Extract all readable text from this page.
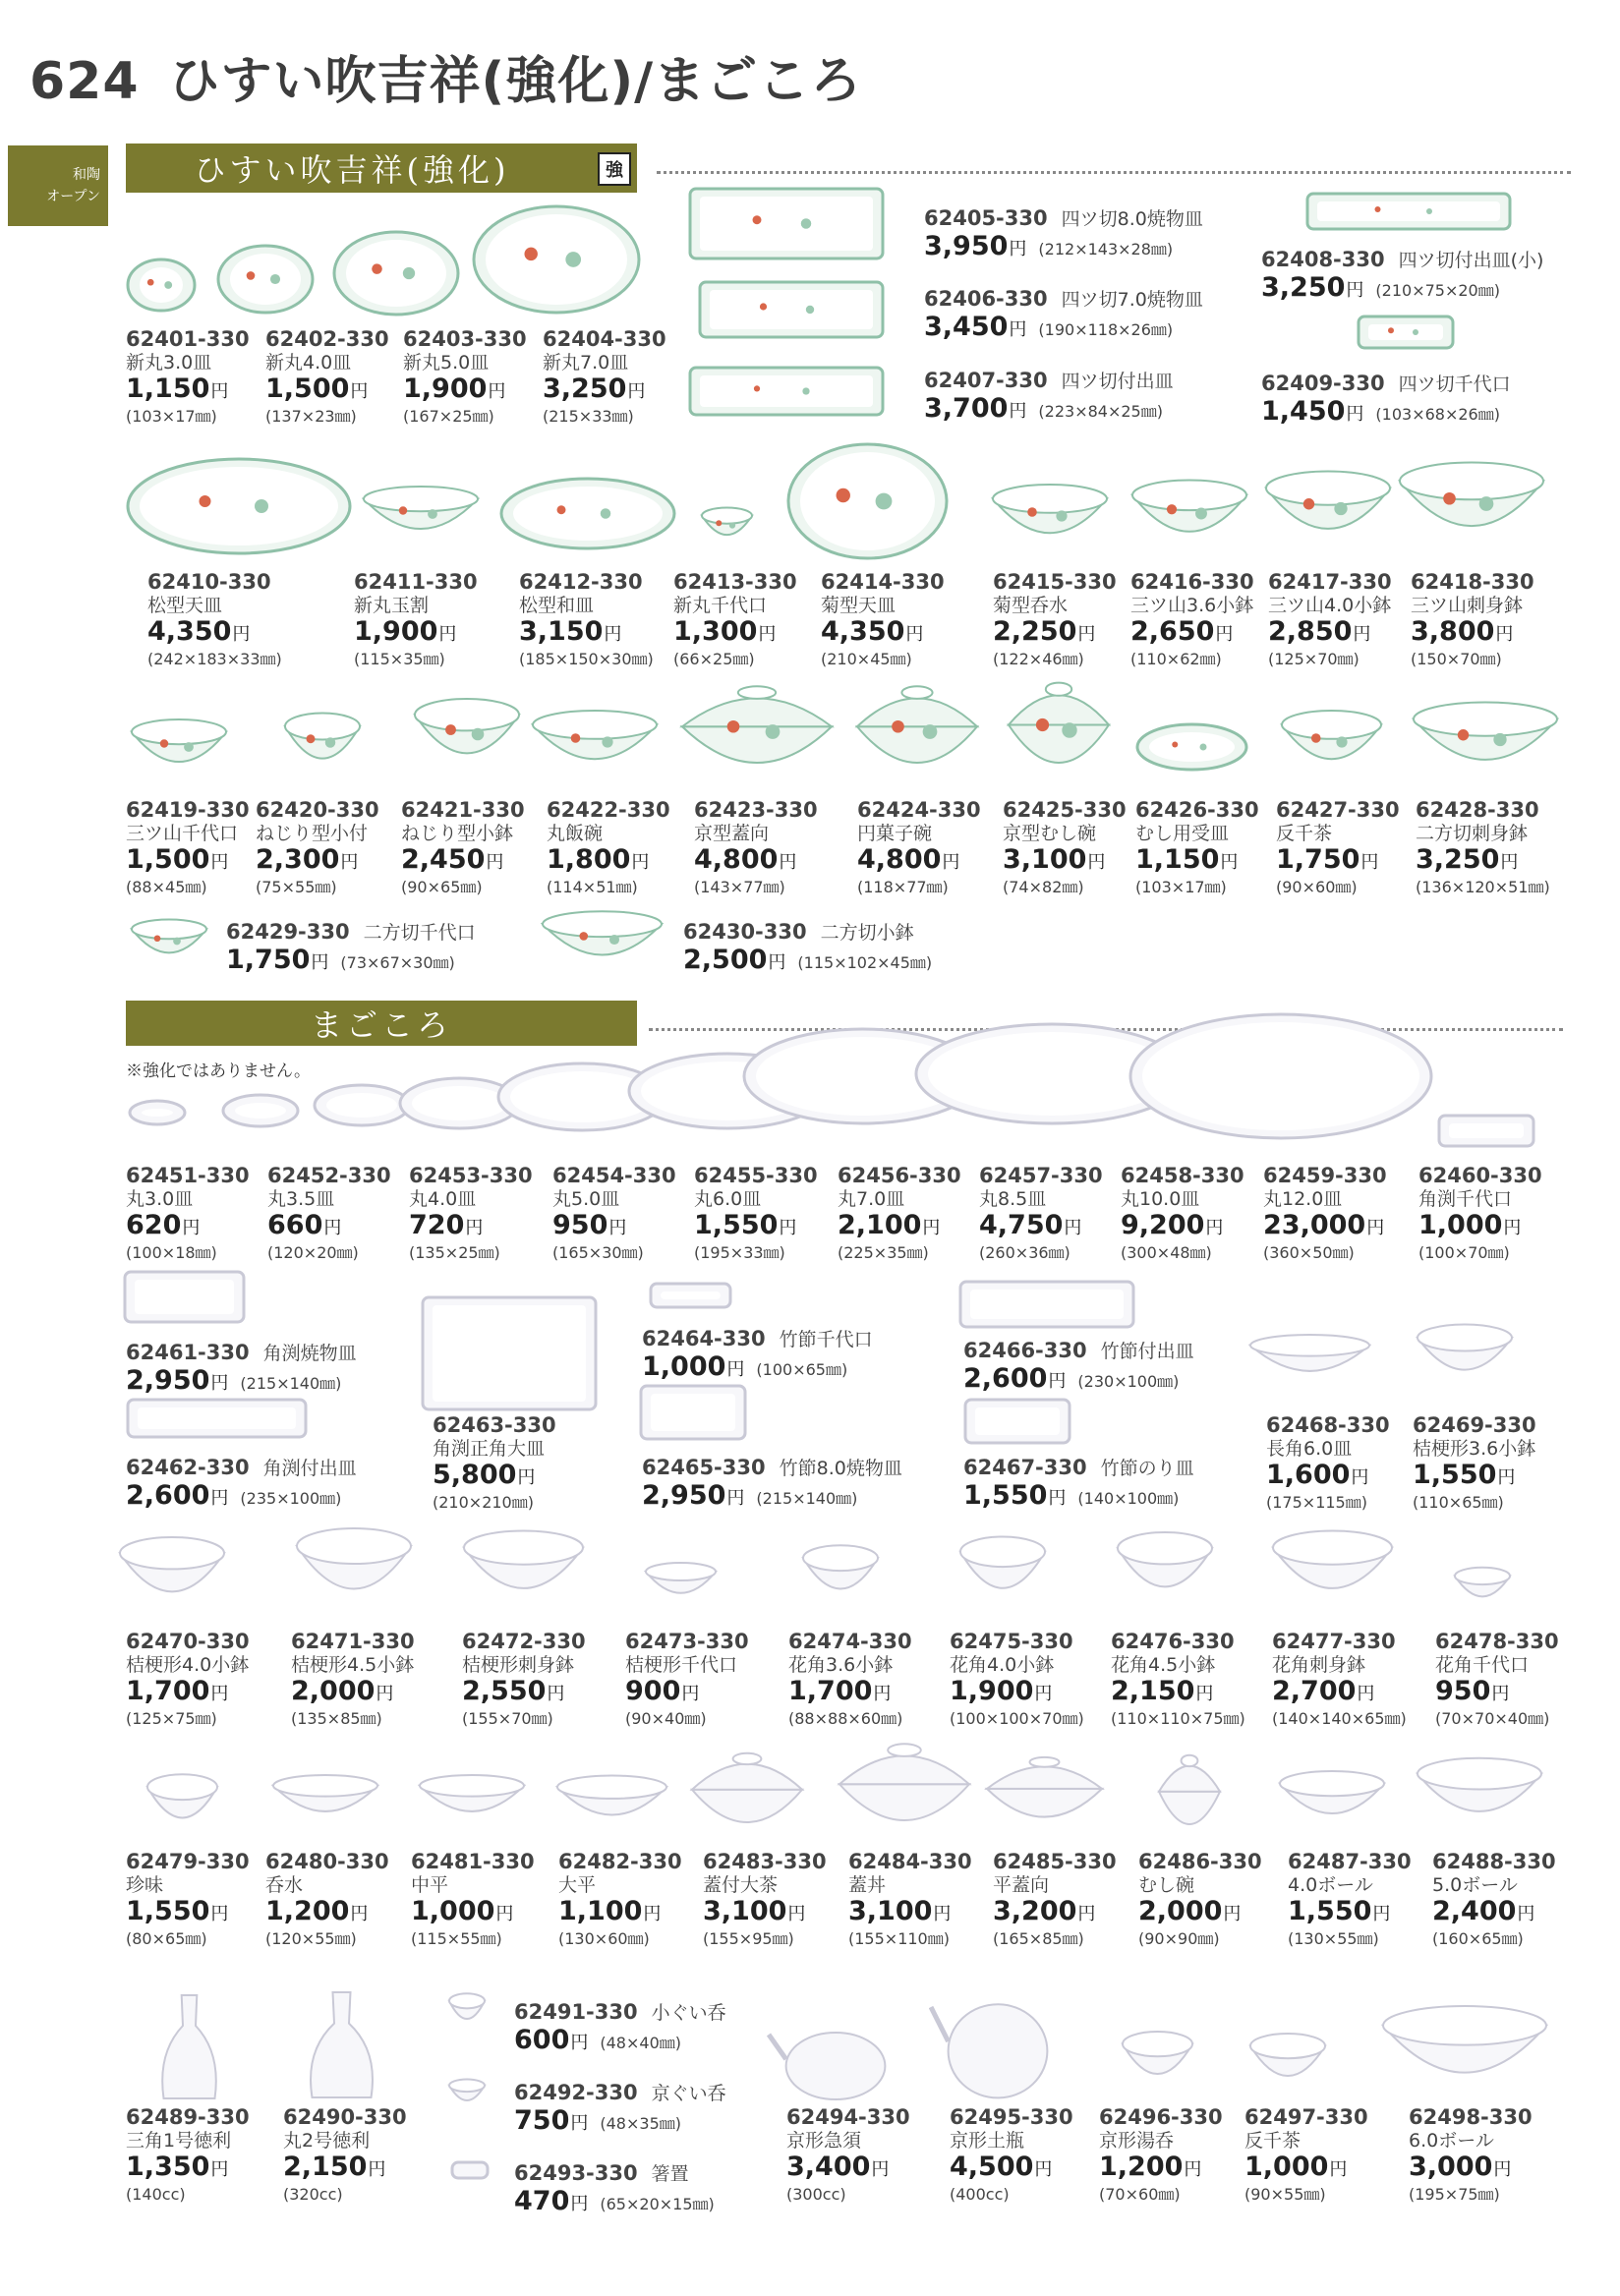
624 ひすい吹吉祥(強化)/まごころ
和陶
オープン
ひすい吹吉祥(強化)	強
まごころ
※強化ではありません。
62401-330
新丸3.0皿
1,150円
(103×17㎜)
62402-330
新丸4.0皿
1,500円
(137×23㎜)
62403-330
新丸5.0皿
1,900円
(167×25㎜)
62404-330
新丸7.0皿
3,250円
(215×33㎜)
62405-330 四ツ切8.0焼物皿
3,950円 (212×143×28㎜)
62406-330 四ツ切7.0焼物皿
3,450円 (190×118×26㎜)
62407-330 四ツ切付出皿
3,700円 (223×84×25㎜)
62408-330 四ツ切付出皿(小)
3,250円 (210×75×20㎜)
62409-330 四ツ切千代口
1,450円 (103×68×26㎜)
62410-330
松型天皿
4,350円
(242×183×33㎜)
62411-330
新丸玉割
1,900円
(115×35㎜)
62412-330
松型和皿
3,150円
(185×150×30㎜)
62413-330
新丸千代口
1,300円
(66×25㎜)
62414-330
菊型天皿
4,350円
(210×45㎜)
62415-330
菊型呑水
2,250円
(122×46㎜)
62416-330
三ツ山3.6小鉢
2,650円
(110×62㎜)
62417-330
三ツ山4.0小鉢
2,850円
(125×70㎜)
62418-330
三ツ山刺身鉢
3,800円
(150×70㎜)
62419-330
三ツ山千代口
1,500円
(88×45㎜)
62420-330
ねじり型小付
2,300円
(75×55㎜)
62421-330
ねじり型小鉢
2,450円
(90×65㎜)
62422-330
丸飯碗
1,800円
(114×51㎜)
62423-330
京型蓋向
4,800円
(143×77㎜)
62424-330
円菓子碗
4,800円
(118×77㎜)
62425-330
京型むし碗
3,100円
(74×82㎜)
62426-330
むし用受皿
1,150円
(103×17㎜)
62427-330
反千茶
1,750円
(90×60㎜)
62428-330
二方切刺身鉢
3,250円
(136×120×51㎜)
62429-330 二方切千代口
1,750円 (73×67×30㎜)
62430-330 二方切小鉢
2,500円 (115×102×45㎜)
62451-330
丸3.0皿
620円
(100×18㎜)
62452-330
丸3.5皿
660円
(120×20㎜)
62453-330
丸4.0皿
720円
(135×25㎜)
62454-330
丸5.0皿
950円
(165×30㎜)
62455-330
丸6.0皿
1,550円
(195×33㎜)
62456-330
丸7.0皿
2,100円
(225×35㎜)
62457-330
丸8.5皿
4,750円
(260×36㎜)
62458-330
丸10.0皿
9,200円
(300×48㎜)
62459-330
丸12.0皿
23,000円
(360×50㎜)
62460-330
角渕千代口
1,000円
(100×70㎜)
62461-330 角渕焼物皿
2,950円 (215×140㎜)
62462-330 角渕付出皿
2,600円 (235×100㎜)
62463-330
角渕正角大皿
5,800円
(210×210㎜)
62464-330 竹節千代口
1,000円 (100×65㎜)
62465-330 竹節8.0焼物皿
2,950円 (215×140㎜)
62466-330 竹節付出皿
2,600円 (230×100㎜)
62467-330 竹節のり皿
1,550円 (140×100㎜)
62468-330
長角6.0皿
1,600円
(175×115㎜)
62469-330
桔梗形3.6小鉢
1,550円
(110×65㎜)
62470-330
桔梗形4.0小鉢
1,700円
(125×75㎜)
62471-330
桔梗形4.5小鉢
2,000円
(135×85㎜)
62472-330
桔梗形刺身鉢
2,550円
(155×70㎜)
62473-330
桔梗形千代口
900円
(90×40㎜)
62474-330
花角3.6小鉢
1,700円
(88×88×60㎜)
62475-330
花角4.0小鉢
1,900円
(100×100×70㎜)
62476-330
花角4.5小鉢
2,150円
(110×110×75㎜)
62477-330
花角刺身鉢
2,700円
(140×140×65㎜)
62478-330
花角千代口
950円
(70×70×40㎜)
62479-330
珍味
1,550円
(80×65㎜)
62480-330
呑水
1,200円
(120×55㎜)
62481-330
中平
1,000円
(115×55㎜)
62482-330
大平
1,100円
(130×60㎜)
62483-330
蓋付大茶
3,100円
(155×95㎜)
62484-330
蓋丼
3,100円
(155×110㎜)
62485-330
平蓋向
3,200円
(165×85㎜)
62486-330
むし碗
2,000円
(90×90㎜)
62487-330
4.0ボール
1,550円
(130×55㎜)
62488-330
5.0ボール
2,400円
(160×65㎜)
62489-330
三角1号徳利
1,350円
(140cc)
62490-330
丸2号徳利
2,150円
(320cc)
62491-330 小ぐい呑
600円 (48×40㎜)
62492-330 京ぐい呑
750円 (48×35㎜)
62493-330 箸置
470円 (65×20×15㎜)
62494-330
京形急須
3,400円
(300cc)
62495-330
京形土瓶
4,500円
(400cc)
62496-330
京形湯呑
1,200円
(70×60㎜)
62497-330
反千茶
1,000円
(90×55㎜)
62498-330
6.0ボール
3,000円
(195×75㎜)
